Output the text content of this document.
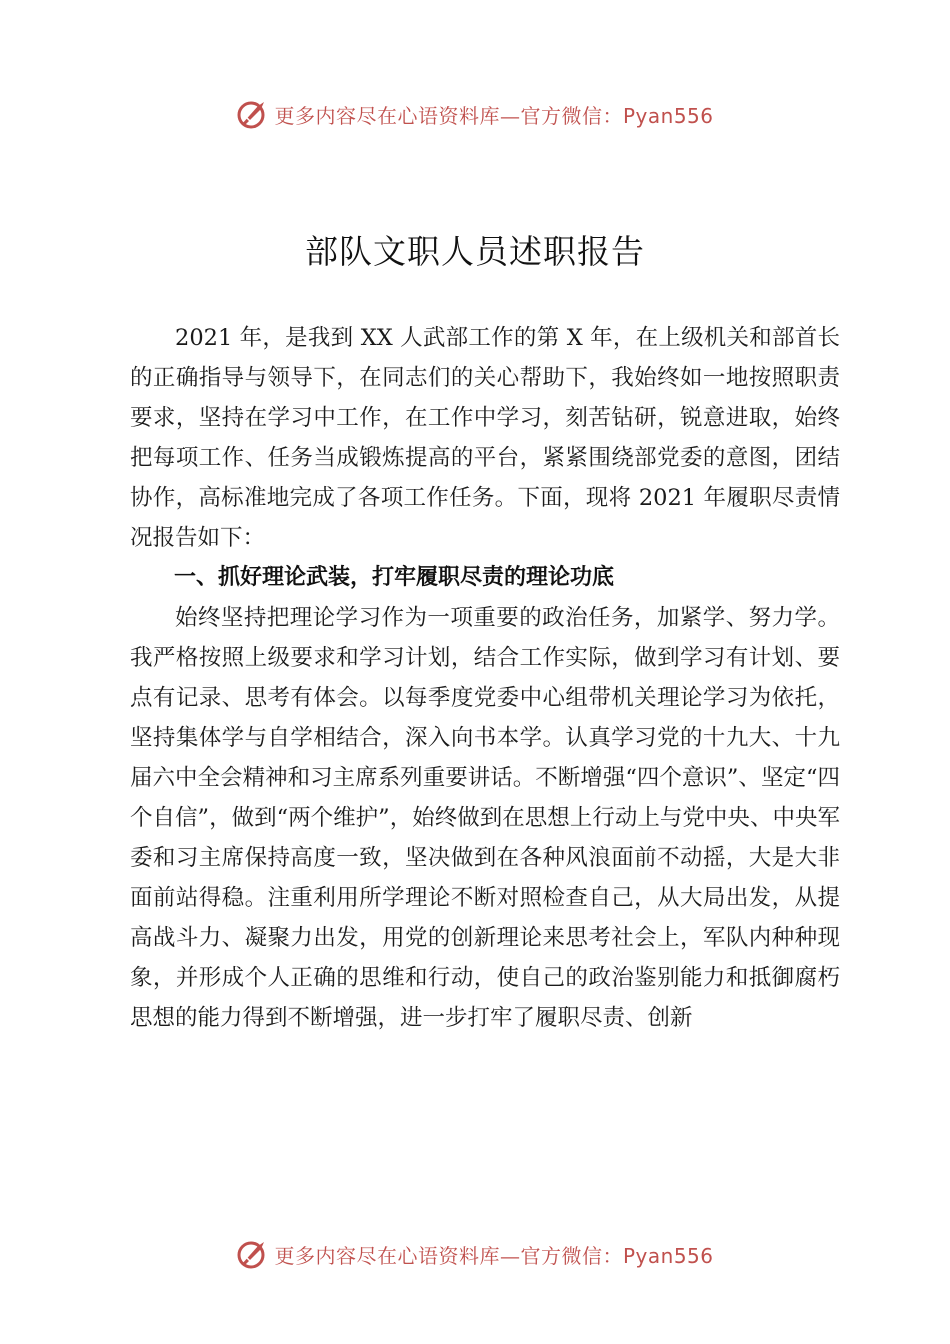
更多内容尽在心语资料库—官方微信：Pyan556
部队文职人员述职报告

2021 年，是我到 XX 人武部工作的第 X 年，在上级机关和部首长的正确指导与领导下，在同志们的关心帮助下，我始终如一地按照职责要求，坚持在学习中工作，在工作中学习，刻苦钻研，锐意进取，始终把每项工作、任务当成锻炼提高的平台，紧紧围绕部党委的意图，团结协作，高标准地完成了各项工作任务。下面，现将 2021 年履职尽责情况报告如下：

一、抓好理论武装，打牢履职尽责的理论功底

始终坚持把理论学习作为一项重要的政治任务，加紧学、努力学。我严格按照上级要求和学习计划，结合工作实际，做到学习有计划、要点有记录、思考有体会。以每季度党委中心组带机关理论学习为依托，坚持集体学与自学相结合，深入向书本学。认真学习党的十九大、十九届六中全会精神和习主席系列重要讲话。不断增强“四个意识”、坚定“四个自信”，做到“两个维护”，始终做到在思想上行动上与党中央、中央军委和习主席保持高度一致，坚决做到在各种风浪面前不动摇，大是大非面前站得稳。注重利用所学理论不断对照检查自己，从大局出发，从提高战斗力、凝聚力出发，用党的创新理论来思考社会上，军队内种种现象，并形成个人正确的思维和行动，使自己的政治鉴别能力和抵御腐朽思想的能力得到不断增强，进一步打牢了履职尽责、创新

更多内容尽在心语资料库—官方微信：Pyan556
